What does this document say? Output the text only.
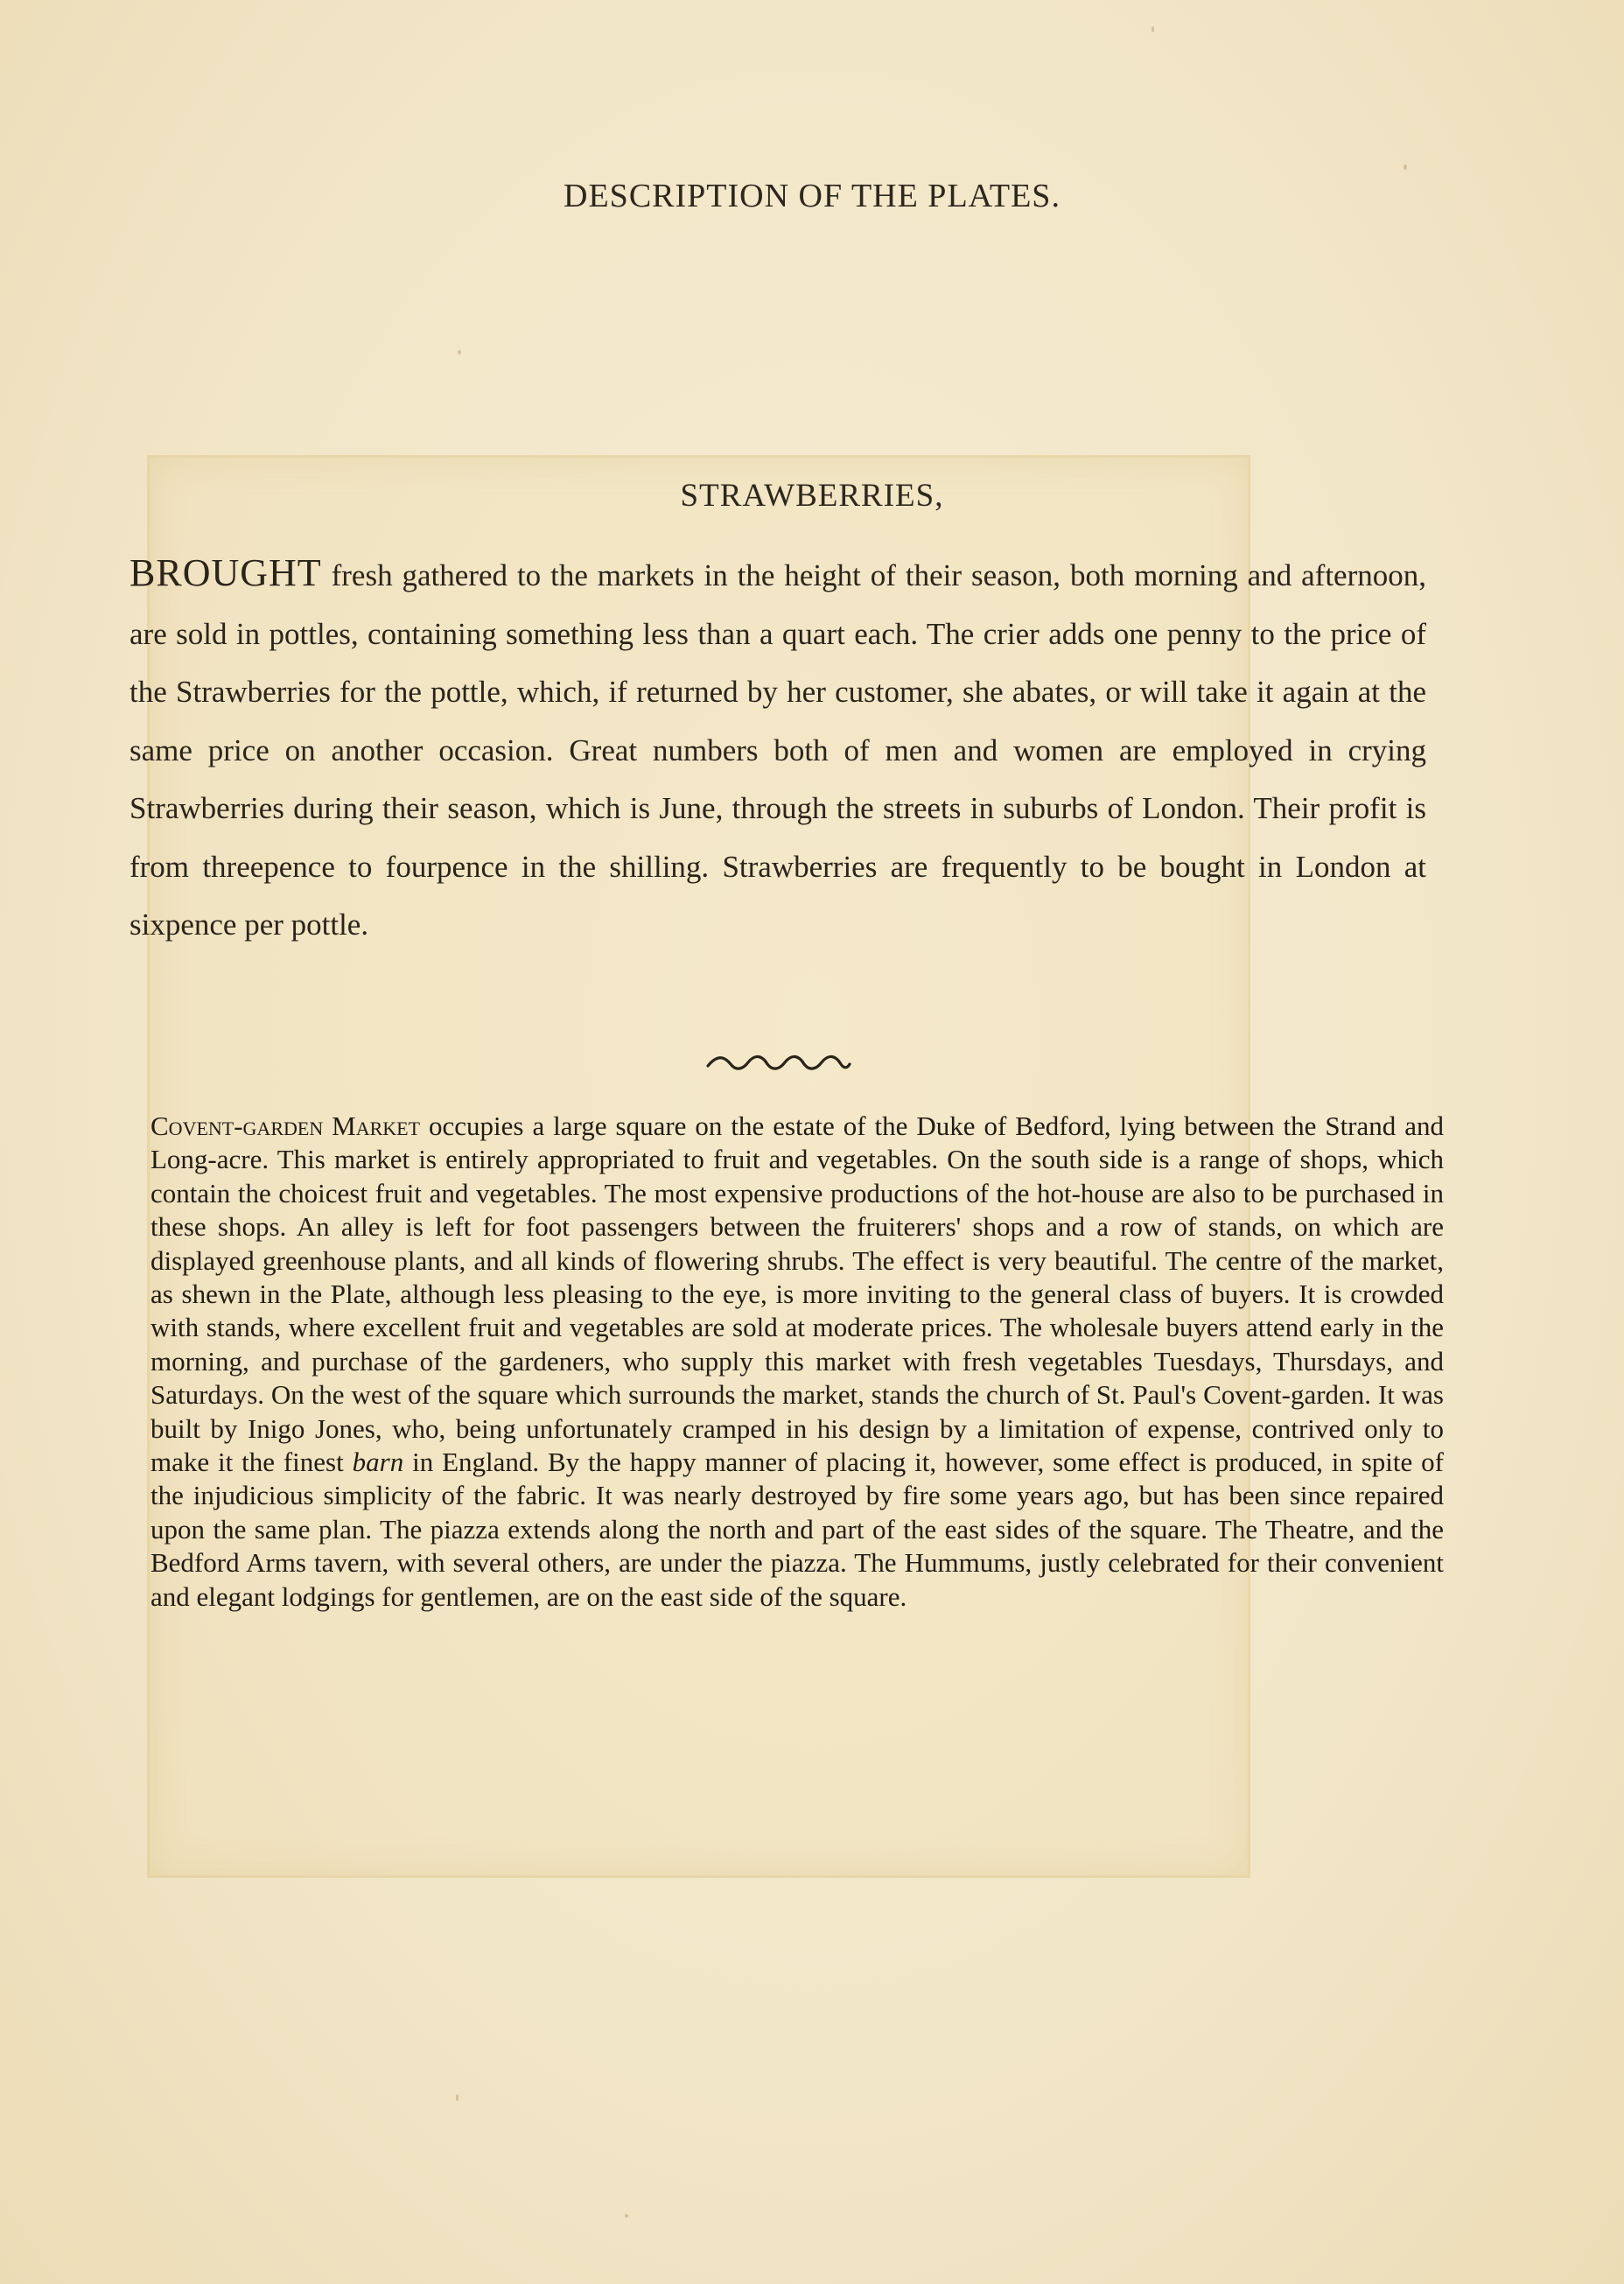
DESCRIPTION OF THE PLATES.
STRAWBERRIES,

BROUGHT fresh gathered to the markets in the height of their season, both morning and afternoon, are sold in pottles, containing something less than a quart each. The crier adds one penny to the price of the Strawberries for the pottle, which, if returned by her customer, she abates, or will take it again at the same price on another occasion. Great numbers both of men and women are employed in crying Strawberries during their season, which is June, through the streets in suburbs of London. Their profit is from threepence to fourpence in the shilling. Strawberries are frequently to be bought in London at sixpence per pottle.

Covent-garden Market occupies a large square on the estate of the Duke of Bedford, lying between the Strand and Long-acre. This market is entirely appropriated to fruit and vegetables. On the south side is a range of shops, which contain the choicest fruit and vegetables. The most expensive productions of the hot-house are also to be purchased in these shops. An alley is left for foot passengers between the fruiterers' shops and a row of stands, on which are displayed greenhouse plants, and all kinds of flowering shrubs. The effect is very beautiful. The centre of the market, as shewn in the Plate, although less pleasing to the eye, is more inviting to the general class of buyers. It is crowded with stands, where excellent fruit and vegetables are sold at moderate prices. The wholesale buyers attend early in the morning, and purchase of the gardeners, who supply this market with fresh vegetables Tuesdays, Thursdays, and Saturdays. On the west of the square which surrounds the market, stands the church of St. Paul's Covent-garden. It was built by Inigo Jones, who, being unfortunately cramped in his design by a limitation of expense, contrived only to make it the finest barn in England. By the happy manner of placing it, however, some effect is produced, in spite of the injudicious simplicity of the fabric. It was nearly destroyed by fire some years ago, but has been since repaired upon the same plan. The piazza extends along the north and part of the east sides of the square. The Theatre, and the Bedford Arms tavern, with several others, are under the piazza. The Hummums, justly celebrated for their convenient and elegant lodgings for gentlemen, are on the east side of the square.
